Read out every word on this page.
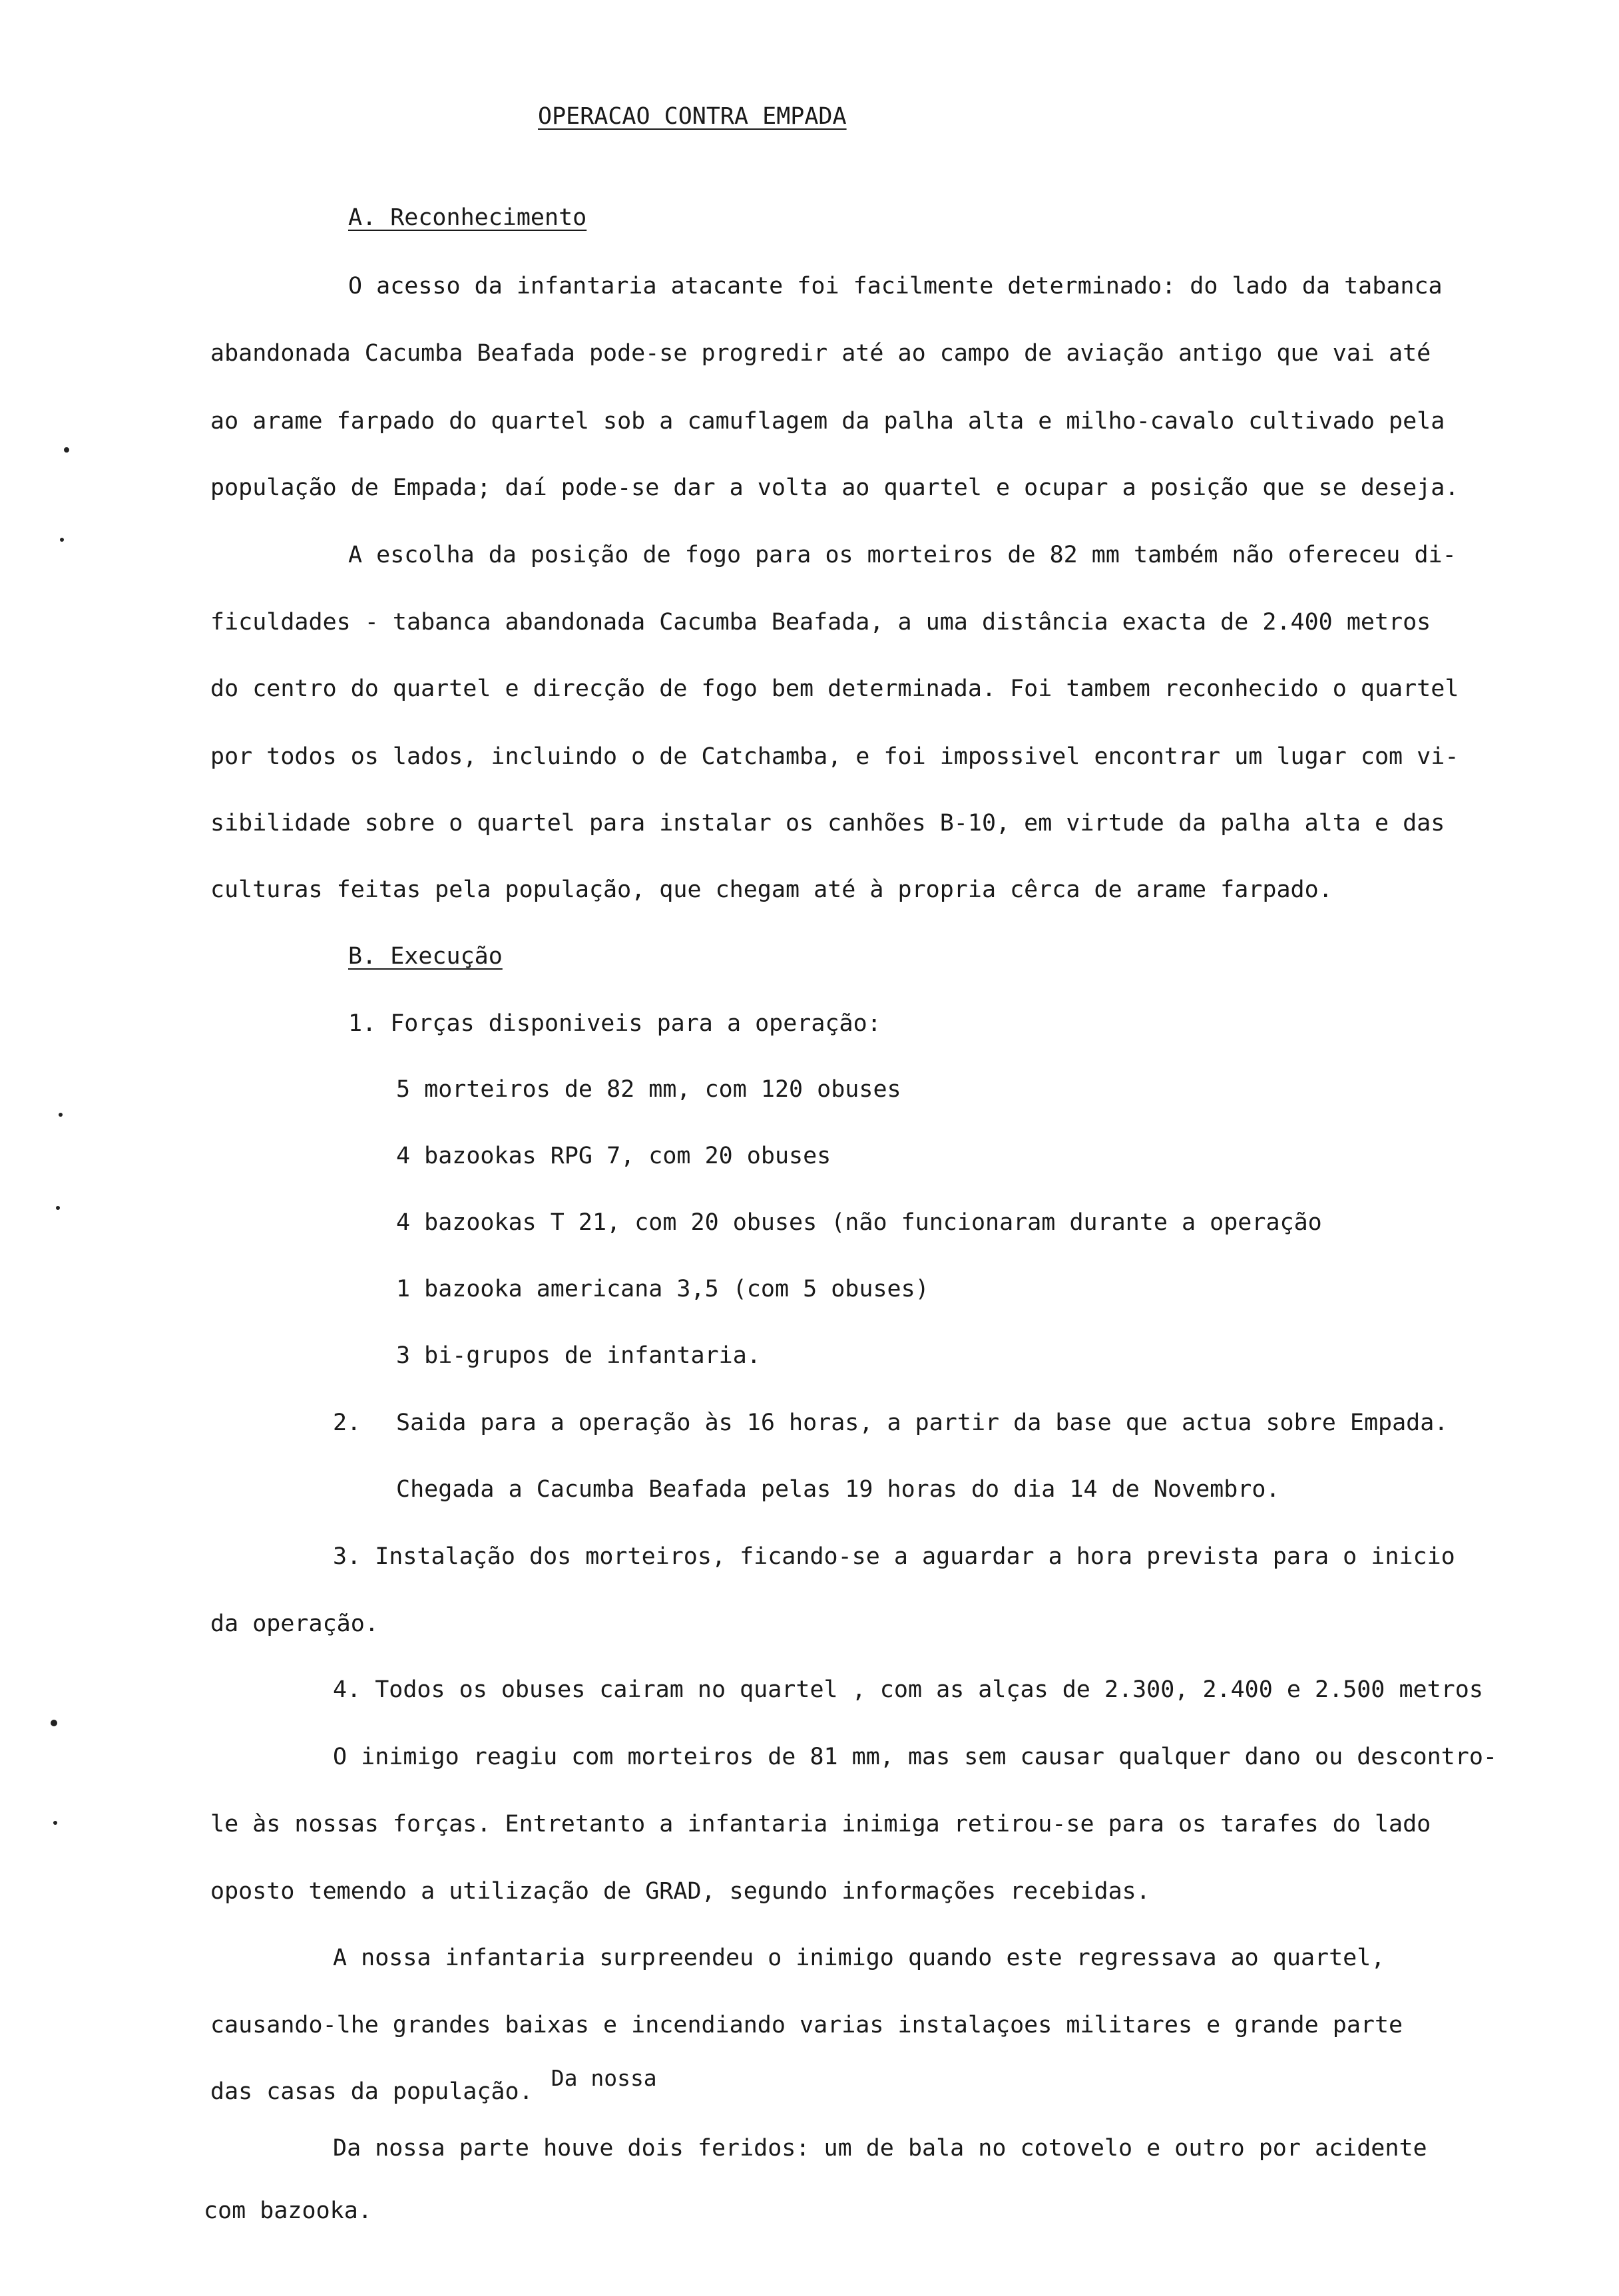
OPERACAO CONTRA EMPADA
A. Reconhecimento
O acesso da infantaria atacante foi facilmente determinado: do lado da tabanca
abandonada Cacumba Beafada pode-se progredir até ao campo de aviação antigo que vai até
ao arame farpado do quartel sob a camuflagem da palha alta e milho-cavalo cultivado pela
população de Empada; daí pode-se dar a volta ao quartel e ocupar a posição que se deseja.
A escolha da posição de fogo para os morteiros de 82 mm também não ofereceu di-
ficuldades - tabanca abandonada Cacumba Beafada, a uma distância exacta de 2.400 metros
do centro do quartel e direcção de fogo bem determinada. Foi tambem reconhecido o quartel
por todos os lados, incluindo o de Catchamba, e foi impossivel encontrar um lugar com vi-
sibilidade sobre o quartel para instalar os canhões B-10, em virtude da palha alta e das
culturas feitas pela população, que chegam até à propria cêrca de arame farpado.
B. Execução
1. Forças disponiveis para a operação:
5 morteiros de 82 mm, com 120 obuses
4 bazookas RPG 7, com 20 obuses
4 bazookas T 21, com 20 obuses (não funcionaram durante a operação
1 bazooka americana 3,5 (com 5 obuses)
3 bi-grupos de infantaria.
2. Saida para a operação às 16 horas, a partir da base que actua sobre Empada.
Chegada a Cacumba Beafada pelas 19 horas do dia 14 de Novembro.
3. Instalação dos morteiros, ficando-se a aguardar a hora prevista para o inicio
da operação.
4. Todos os obuses cairam no quartel , com as alças de 2.300, 2.400 e 2.500 metros
O inimigo reagiu com morteiros de 81 mm, mas sem causar qualquer dano ou descontro-
le às nossas forças. Entretanto a infantaria inimiga retirou-se para os tarafes do lado
oposto temendo a utilização de GRAD, segundo informações recebidas.
A nossa infantaria surpreendeu o inimigo quando este regressava ao quartel,
causando-lhe grandes baixas e incendiando varias instalaçoes militares e grande parte
das casas da população. Da nossa
Da nossa parte houve dois feridos: um de bala no cotovelo e outro por acidente
com bazooka.
